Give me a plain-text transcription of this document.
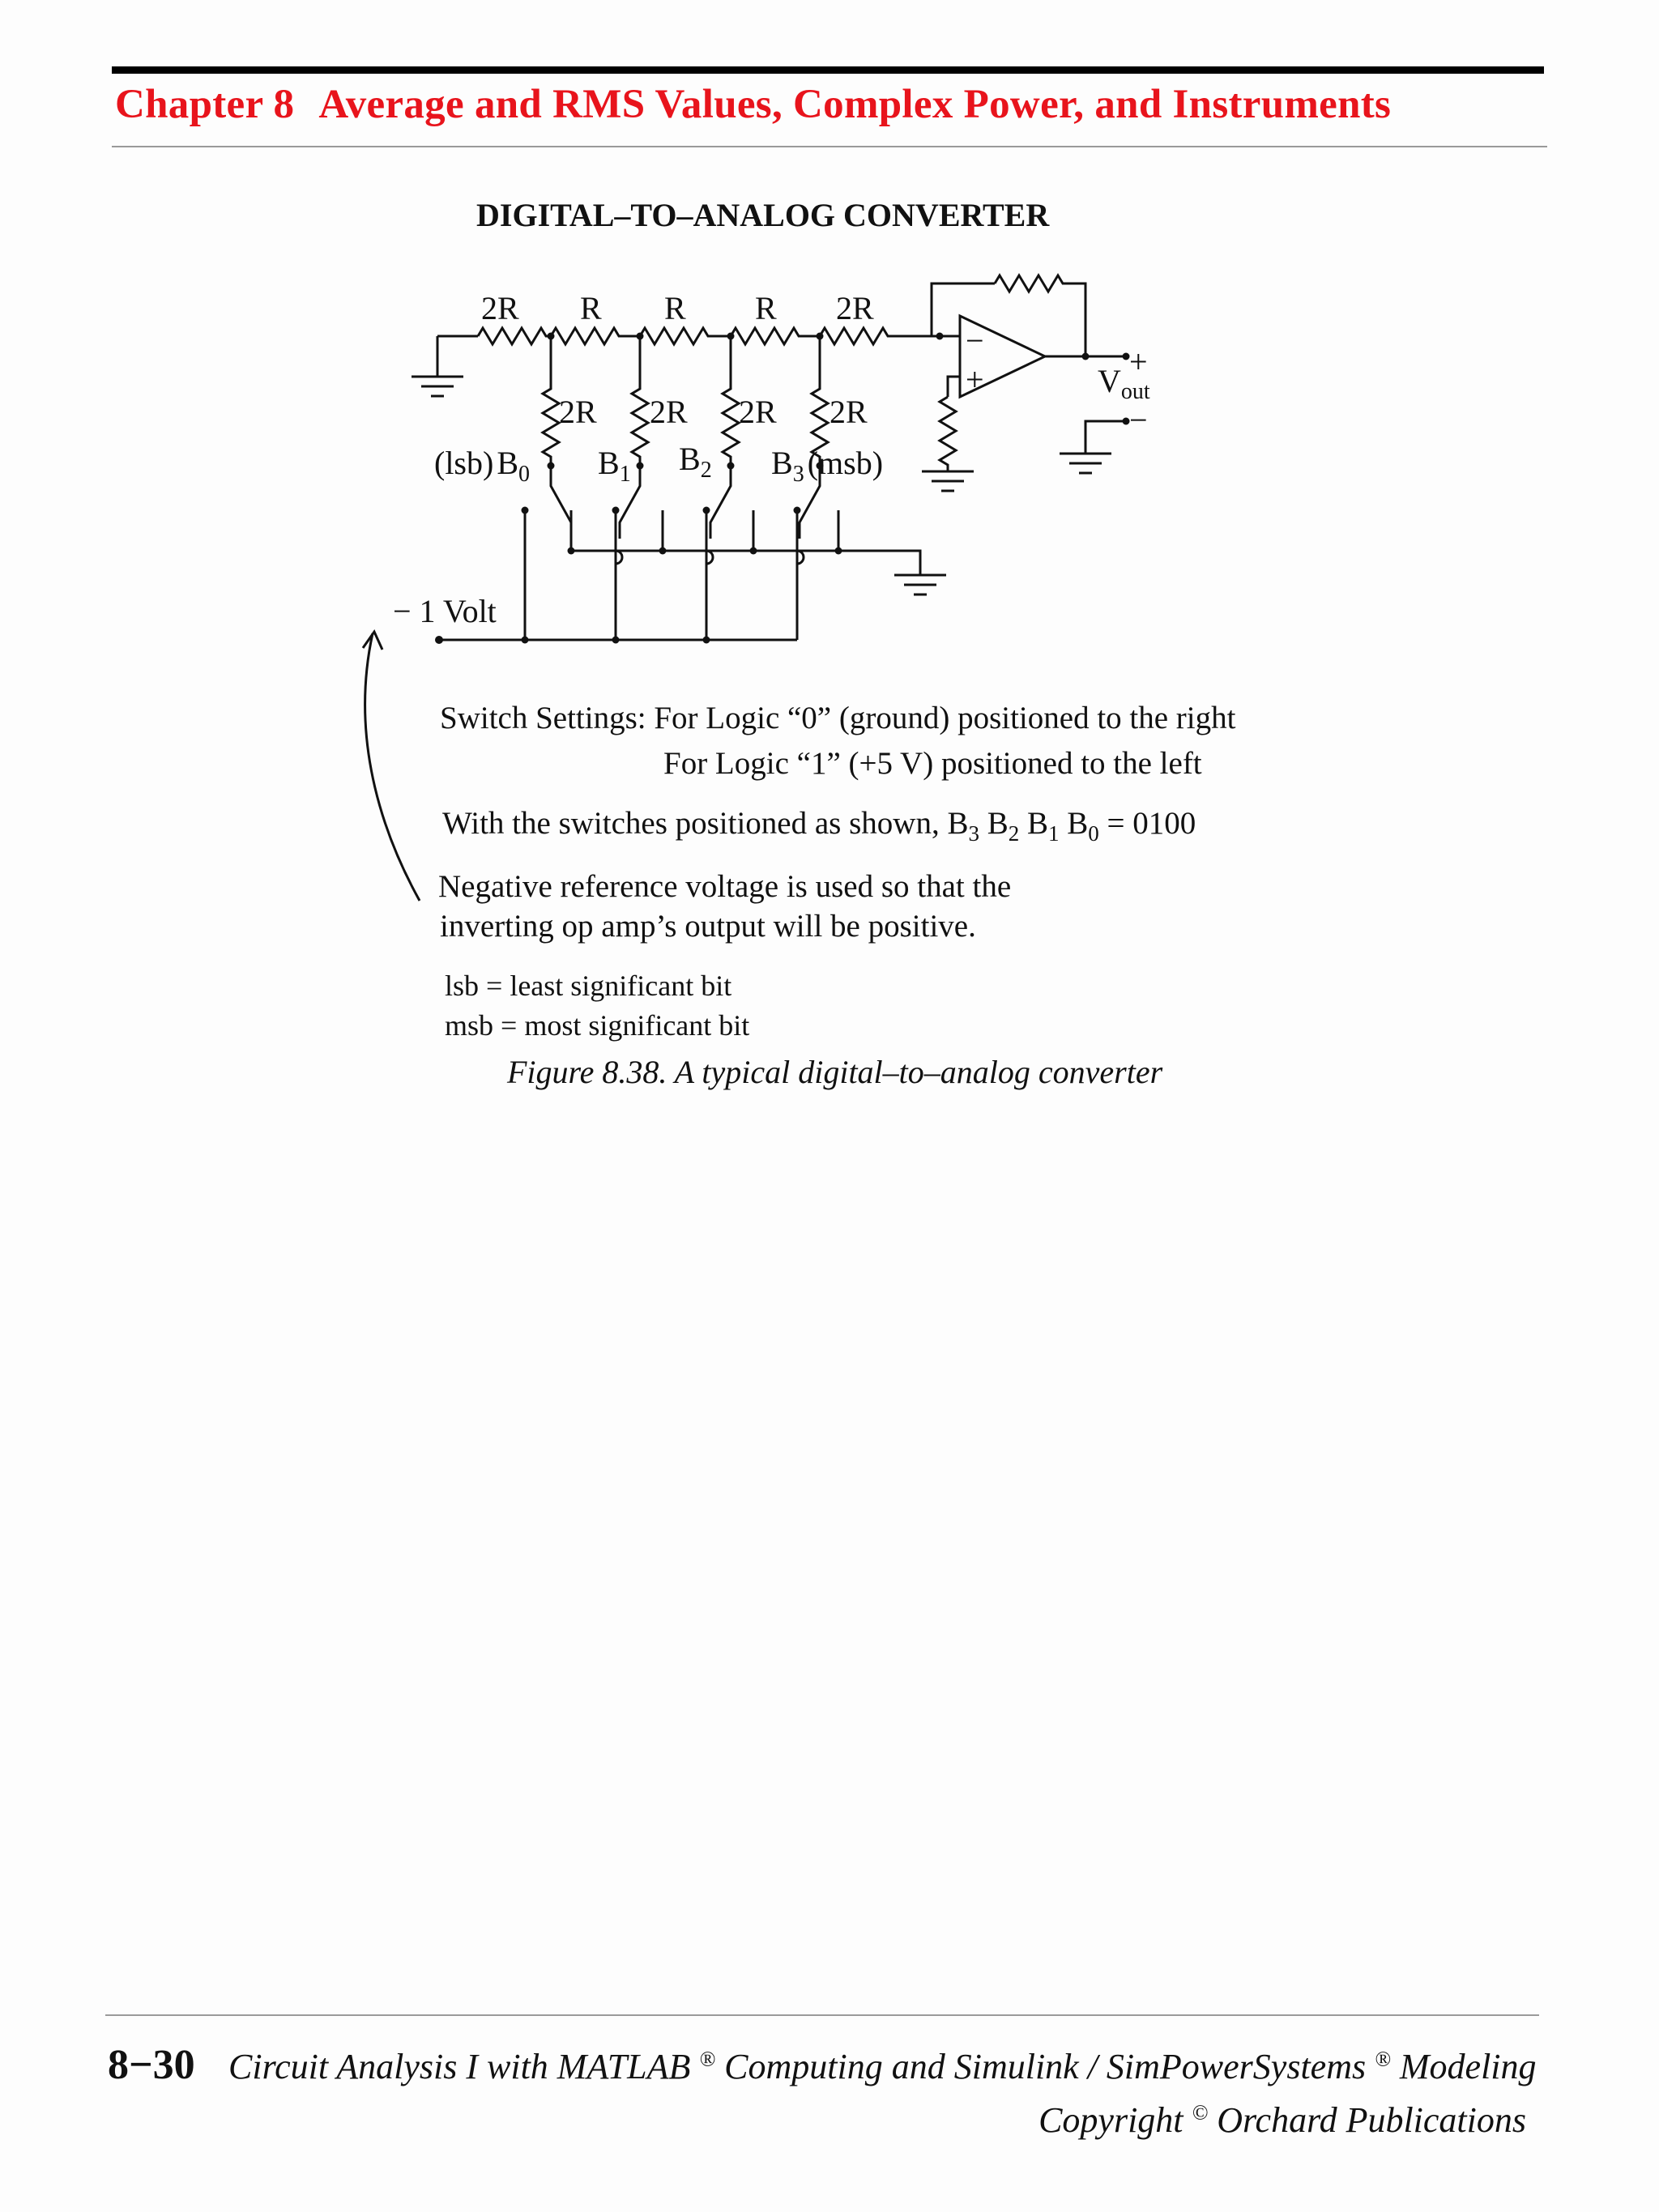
Chapter 8 Average and RMS Values, Complex Power, and Instruments
DIGITAL–TO–ANALOG CONVERTER
2R R R R 2R
2R 2R 2R 2R
(lsb) $B_0$ $B_1$ $B_2$ $B_3$ (msb)
− 1 Volt
−
+	+
−
$V_{out}$
Switch Settings: For Logic “0” (ground) positioned to the right
For Logic “1” (+5 V) positioned to the left
With the switches positioned as shown, $B_3$ $B_2$ $B_1$ $B_0 = 0100$
Negative reference voltage is used so that the
inverting op amp’s output will be positive.
lsb = least significant bit
msb = most significant bit
Figure 8.38. A typical digital–to–analog converter
8−30 Circuit Analysis I with MATLAB ® Computing and Simulink / SimPowerSystems ® Modeling
Copyright © Orchard Publications
